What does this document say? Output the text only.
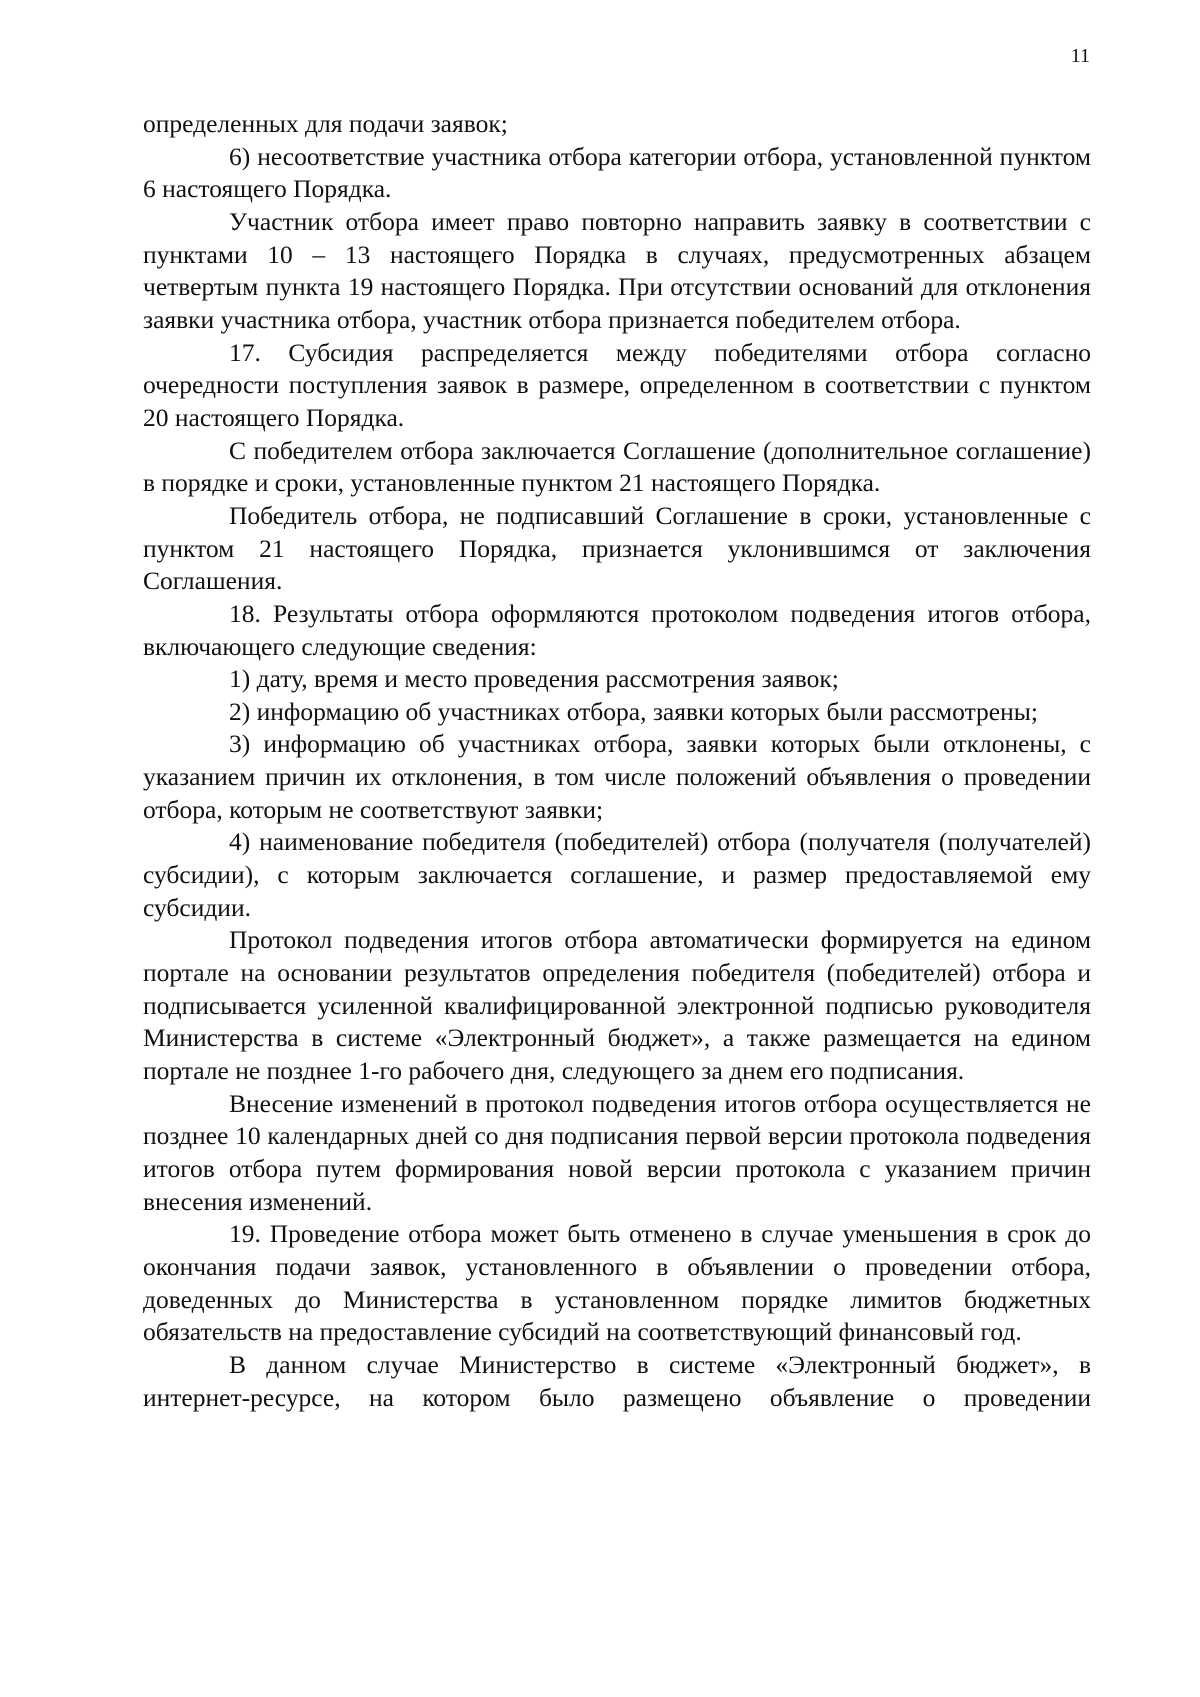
11

определенных для подачи заявок;

6) несоответствие участника отбора категории отбора, установленной пунктом 6 настоящего Порядка.

Участник отбора имеет право повторно направить заявку в соответствии с пунктами 10 – 13 настоящего Порядка в случаях, предусмотренных абзацем четвертым пункта 19 настоящего Порядка. При отсутствии оснований для отклонения заявки участника отбора, участник отбора признается победителем отбора.

17. Субсидия распределяется между победителями отбора согласно очередности поступления заявок в размере, определенном в соответствии с пунктом 20 настоящего Порядка.

С победителем отбора заключается Соглашение (дополнительное соглашение) в порядке и сроки, установленные пунктом 21 настоящего Порядка.

Победитель отбора, не подписавший Соглашение в сроки, установленные с пунктом 21 настоящего Порядка, признается уклонившимся от заключения Соглашения.

18. Результаты отбора оформляются протоколом подведения итогов отбора, включающего следующие сведения:

1) дату, время и место проведения рассмотрения заявок;

2) информацию об участниках отбора, заявки которых были рассмотрены;

3) информацию об участниках отбора, заявки которых были отклонены, с указанием причин их отклонения, в том числе положений объявления о проведении отбора, которым не соответствуют заявки;

4) наименование победителя (победителей) отбора (получателя (получателей) субсидии), с которым заключается соглашение, и размер предоставляемой ему субсидии.

Протокол подведения итогов отбора автоматически формируется на едином портале на основании результатов определения победителя (победителей) отбора и подписывается усиленной квалифицированной электронной подписью руководителя Министерства в системе «Электронный бюджет», а также размещается на едином портале не позднее 1-го рабочего дня, следующего за днем его подписания.

Внесение изменений в протокол подведения итогов отбора осуществляется не позднее 10 календарных дней со дня подписания первой версии протокола подведения итогов отбора путем формирования новой версии протокола с указанием причин внесения изменений.

19. Проведение отбора может быть отменено в случае уменьшения в срок до окончания подачи заявок, установленного в объявлении о проведении отбора, доведенных до Министерства в установленном порядке лимитов бюджетных обязательств на предоставление субсидий на соответствующий финансовый год.

В данном случае Министерство в системе «Электронный бюджет», в интернет-ресурсе, на котором было размещено объявление о проведении
